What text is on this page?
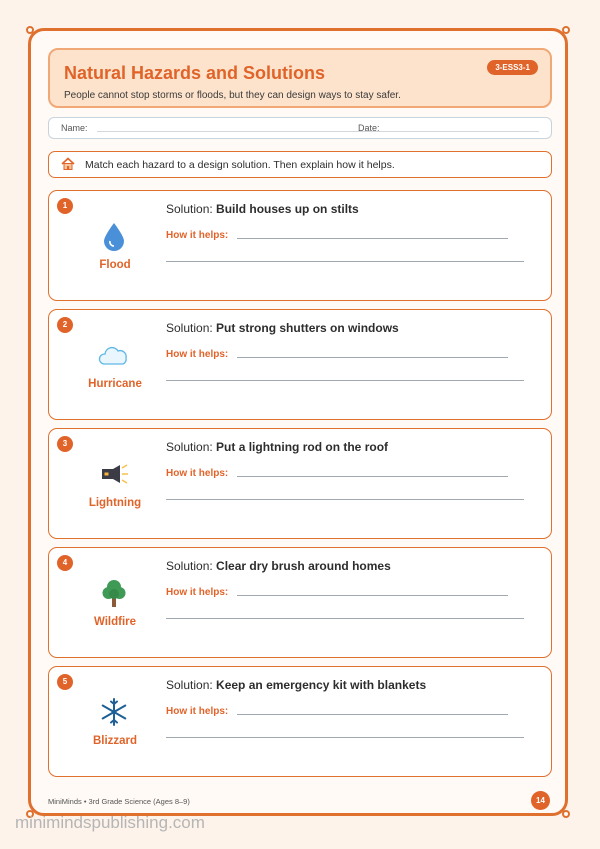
Natural Hazards and Solutions
People cannot stop storms or floods, but they can design ways to stay safer.
3-ESS3-1
Name:	Date:
Match each hazard to a design solution. Then explain how it helps.
1
Flood
Solution: Build houses up on stilts
How it helps:
2
Hurricane
Solution: Put strong shutters on windows
How it helps:
3
Lightning
Solution: Put a lightning rod on the roof
How it helps:
4
Wildfire
Solution: Clear dry brush around homes
How it helps:
5
Blizzard
Solution: Keep an emergency kit with blankets
How it helps:
MiniMinds • 3rd Grade Science (Ages 8–9)	14
minimindspublishing.com
